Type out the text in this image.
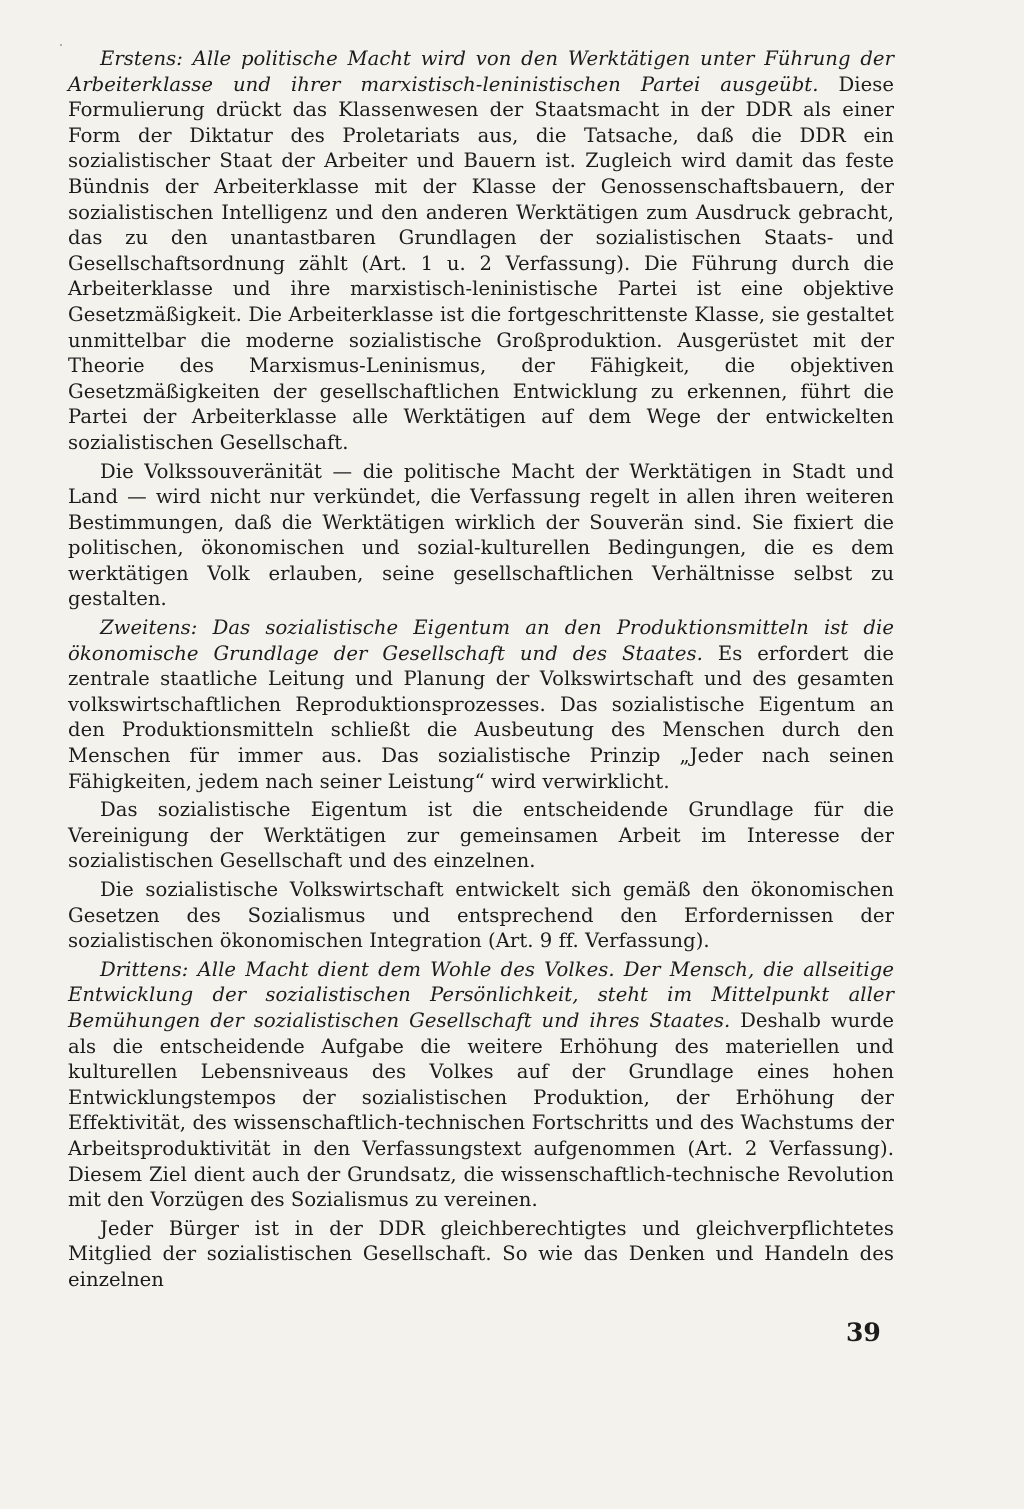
Erstens: Alle politische Macht wird von den Werktätigen unter Führung der Arbeiterklasse und ihrer marxistisch-leninistischen Partei ausgeübt. Diese Formulierung drückt das Klassenwesen der Staatsmacht in der DDR als einer Form der Diktatur des Proletariats aus, die Tatsache, daß die DDR ein sozialistischer Staat der Arbeiter und Bauern ist. Zugleich wird damit das feste Bündnis der Arbeiterklasse mit der Klasse der Genossenschaftsbauern, der sozialistischen Intelligenz und den anderen Werktätigen zum Ausdruck gebracht, das zu den unantastbaren Grundlagen der sozialistischen Staats- und Gesellschaftsordnung zählt (Art. 1 u. 2 Verfassung). Die Führung durch die Arbeiterklasse und ihre marxistisch-leninistische Partei ist eine objektive Gesetzmäßigkeit. Die Arbeiterklasse ist die fortgeschrittenste Klasse, sie gestaltet unmittelbar die moderne sozialistische Großproduktion. Ausgerüstet mit der Theorie des Marxismus-Leninismus, der Fähigkeit, die objektiven Gesetzmäßigkeiten der gesellschaftlichen Entwicklung zu erkennen, führt die Partei der Arbeiterklasse alle Werktätigen auf dem Wege der entwickelten sozialistischen Gesellschaft.

Die Volkssouveränität — die politische Macht der Werktätigen in Stadt und Land — wird nicht nur verkündet, die Verfassung regelt in allen ihren weiteren Bestimmungen, daß die Werktätigen wirklich der Souverän sind. Sie fixiert die politischen, ökonomischen und sozial-kulturellen Bedingungen, die es dem werktätigen Volk erlauben, seine gesellschaftlichen Verhältnisse selbst zu gestalten.

Zweitens: Das sozialistische Eigentum an den Produktionsmitteln ist die ökonomische Grundlage der Gesellschaft und des Staates. Es erfordert die zentrale staatliche Leitung und Planung der Volkswirtschaft und des gesamten volkswirtschaftlichen Reproduktionsprozesses. Das sozialistische Eigentum an den Produktionsmitteln schließt die Ausbeutung des Menschen durch den Menschen für immer aus. Das sozialistische Prinzip „Jeder nach seinen Fähigkeiten, jedem nach seiner Leistung“ wird verwirklicht.

Das sozialistische Eigentum ist die entscheidende Grundlage für die Vereinigung der Werktätigen zur gemeinsamen Arbeit im Interesse der sozialistischen Gesellschaft und des einzelnen.

Die sozialistische Volkswirtschaft entwickelt sich gemäß den ökonomischen Gesetzen des Sozialismus und entsprechend den Erfordernissen der sozialistischen ökonomischen Integration (Art. 9 ff. Verfassung).

Drittens: Alle Macht dient dem Wohle des Volkes. Der Mensch, die allseitige Entwicklung der sozialistischen Persönlichkeit, steht im Mittelpunkt aller Bemühungen der sozialistischen Gesellschaft und ihres Staates. Deshalb wurde als die entscheidende Aufgabe die weitere Erhöhung des materiellen und kulturellen Lebensniveaus des Volkes auf der Grundlage eines hohen Entwicklungstempos der sozialistischen Produktion, der Erhöhung der Effektivität, des wissenschaftlich-technischen Fortschritts und des Wachstums der Arbeitsproduktivität in den Verfassungstext aufgenommen (Art. 2 Verfassung). Diesem Ziel dient auch der Grundsatz, die wissenschaftlich-technische Revolution mit den Vorzügen des Sozialismus zu vereinen.

Jeder Bürger ist in der DDR gleichberechtigtes und gleichverpflichtetes Mitglied der sozialistischen Gesellschaft. So wie das Denken und Handeln des einzelnen

39
